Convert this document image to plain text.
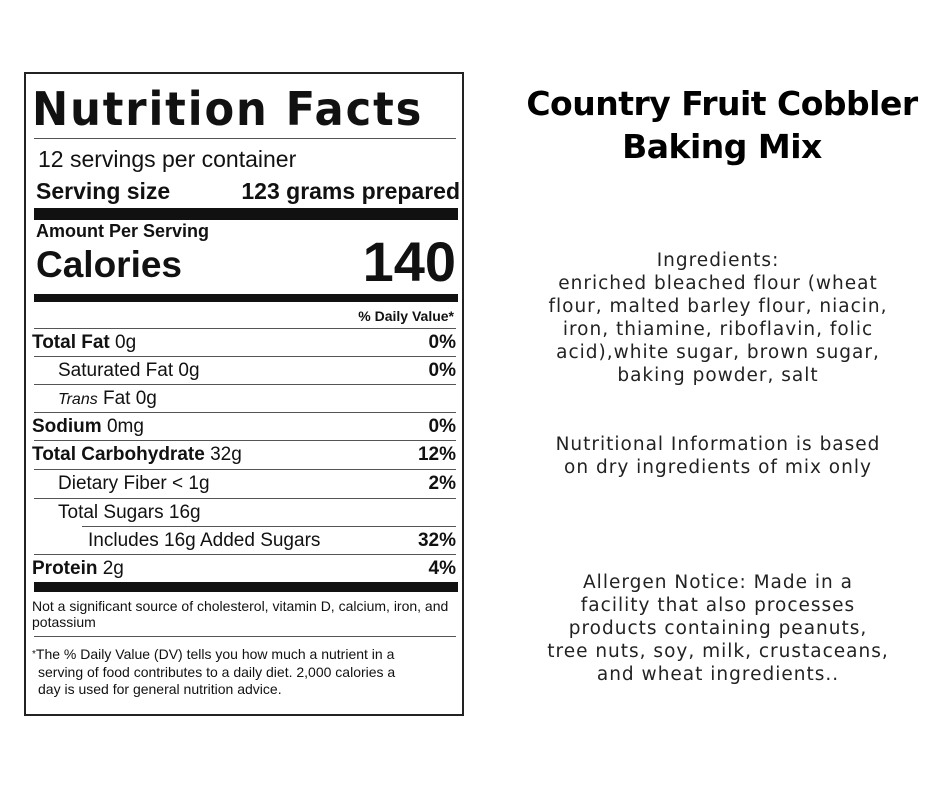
Nutrition Facts
12 servings per container
Serving size	123 grams prepared
Amount Per Serving
Calories	140
% Daily Value*
Total Fat 0g	0%
Saturated Fat 0g	0%
Trans Fat 0g
Sodium 0mg	0%
Total Carbohydrate 32g	12%
Dietary Fiber < 1g	2%
Total Sugars 16g
Includes 16g Added Sugars	32%
Protein 2g	4%
Not a significant source of cholesterol, vitamin D, calcium, iron, and potassium
*The % Daily Value (DV) tells you how much a nutrient in a
serving of food contributes to a daily diet. 2,000 calories a
day is used for general nutrition advice.
Country Fruit Cobbler
Baking Mix
Ingredients:
enriched bleached flour (wheat
flour, malted barley flour, niacin,
iron, thiamine, riboflavin, folic
acid),white sugar, brown sugar,
baking powder, salt
Nutritional Information is based
on dry ingredients of mix only
Allergen Notice: Made in a
facility that also processes
products containing peanuts,
tree nuts, soy, milk, crustaceans,
and wheat ingredients..
